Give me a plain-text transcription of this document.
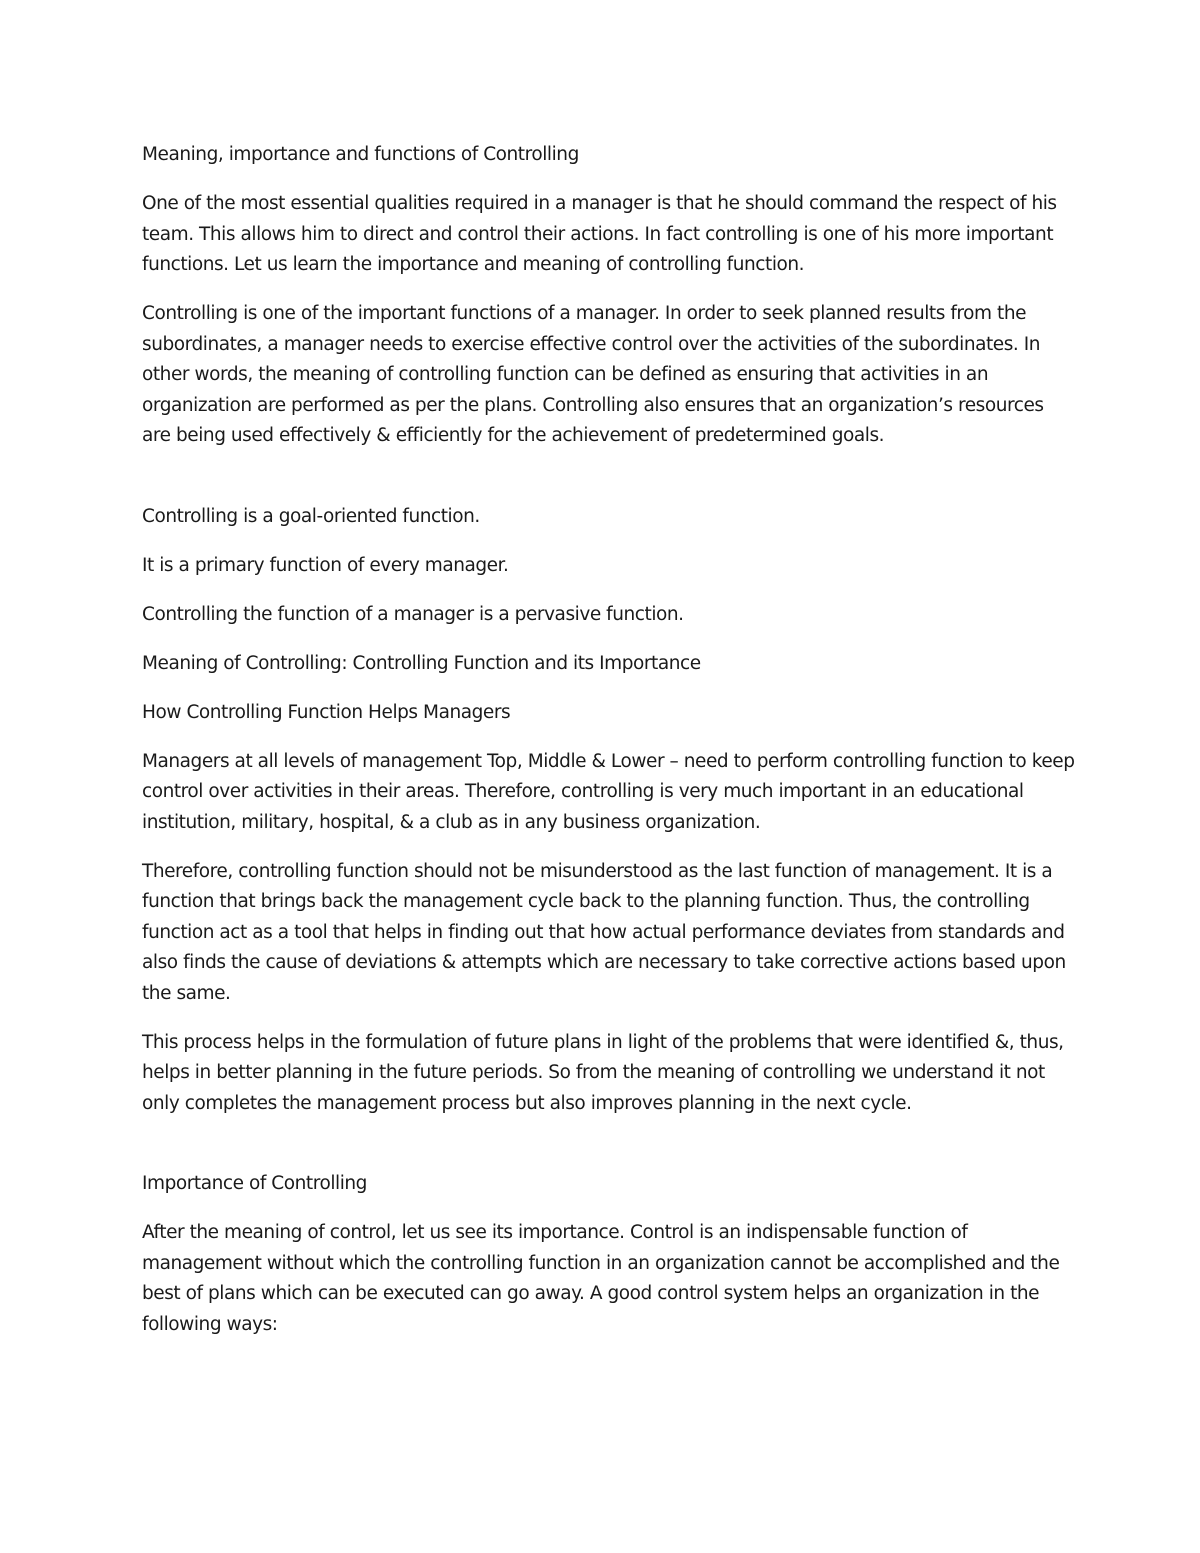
Meaning, importance and functions of Controlling

One of the most essential qualities required in a manager is that he should command the respect of his team. This allows him to direct and control their actions. In fact controlling is one of his more important functions. Let us learn the importance and meaning of controlling function.

Controlling is one of the important functions of a manager. In order to seek planned results from the subordinates, a manager needs to exercise effective control over the activities of the subordinates. In other words, the meaning of controlling function can be defined as ensuring that activities in an organization are performed as per the plans. Controlling also ensures that an organization’s resources are being used effectively & efficiently for the achievement of predetermined goals.

Controlling is a goal-oriented function.

It is a primary function of every manager.

Controlling the function of a manager is a pervasive function.

Meaning of Controlling: Controlling Function and its Importance

How Controlling Function Helps Managers

Managers at all levels of management Top, Middle & Lower – need to perform controlling function to keep control over activities in their areas. Therefore, controlling is very much important in an educational institution, military, hospital, & a club as in any business organization.

Therefore, controlling function should not be misunderstood as the last function of management. It is a function that brings back the management cycle back to the planning function. Thus, the controlling function act as a tool that helps in finding out that how actual performance deviates from standards and also finds the cause of deviations & attempts which are necessary to take corrective actions based upon the same.

This process helps in the formulation of future plans in light of the problems that were identified &, thus, helps in better planning in the future periods. So from the meaning of controlling we understand it not only completes the management process but also improves planning in the next cycle.

Importance of Controlling

After the meaning of control, let us see its importance. Control is an indispensable function of management without which the controlling function in an organization cannot be accomplished and the best of plans which can be executed can go away. A good control system helps an organization in the following ways:
